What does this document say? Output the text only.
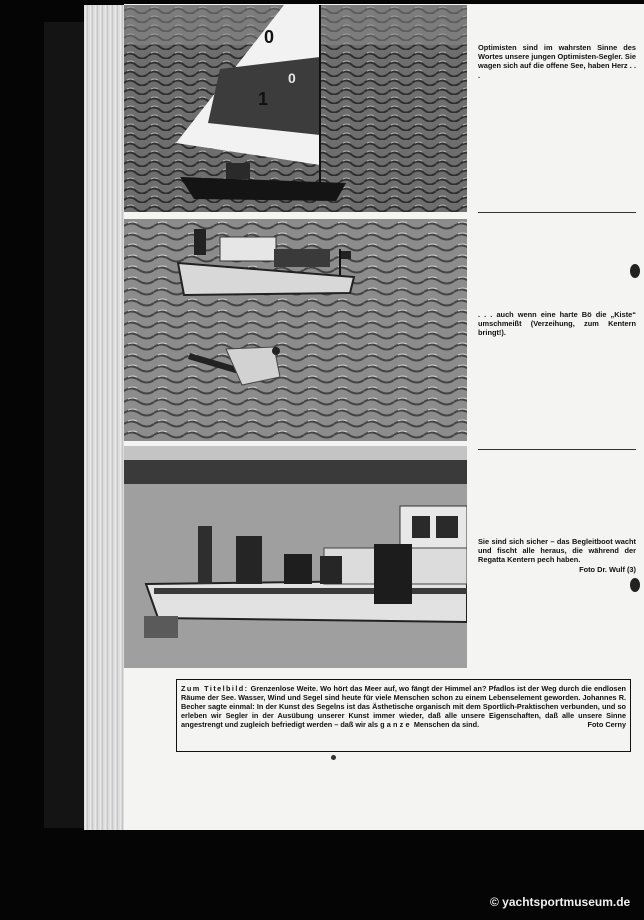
0
0
1

Optimisten sind im wahrsten Sinne des Wortes unsere jungen Optimisten-Segler. Sie wagen sich auf die offene See, haben Herz . . .

. . . auch wenn eine harte Bö die „Kiste“ umschmeißt (Verzeihung, zum Kentern bringt!).

Sie sind sich sicher – das Begleitboot wacht und fischt alle heraus, die während der Regatta Kentern pech haben.
Foto Dr. Wulf (3)

Zum Titelbild: Grenzenlose Weite. Wo hört das Meer auf, wo fängt der Himmel an? Pfadlos ist der Weg durch die endlosen Räume der See. Wasser, Wind und Segel sind heute für viele Menschen schon zu einem Lebenselement geworden. Johannes R. Becher sagte einmal: In der Kunst des Segelns ist das Ästhetische organisch mit dem Sportlich-Praktischen verbunden, und so erleben wir Segler in der Ausübung unserer Kunst immer wieder, daß alle unsere Eigenschaften, daß alle unsere Sinne angestrengt und zugleich befriedigt werden – daß wir als ganze Menschen da sind.	Foto Cerny

© yachtsportmuseum.de
